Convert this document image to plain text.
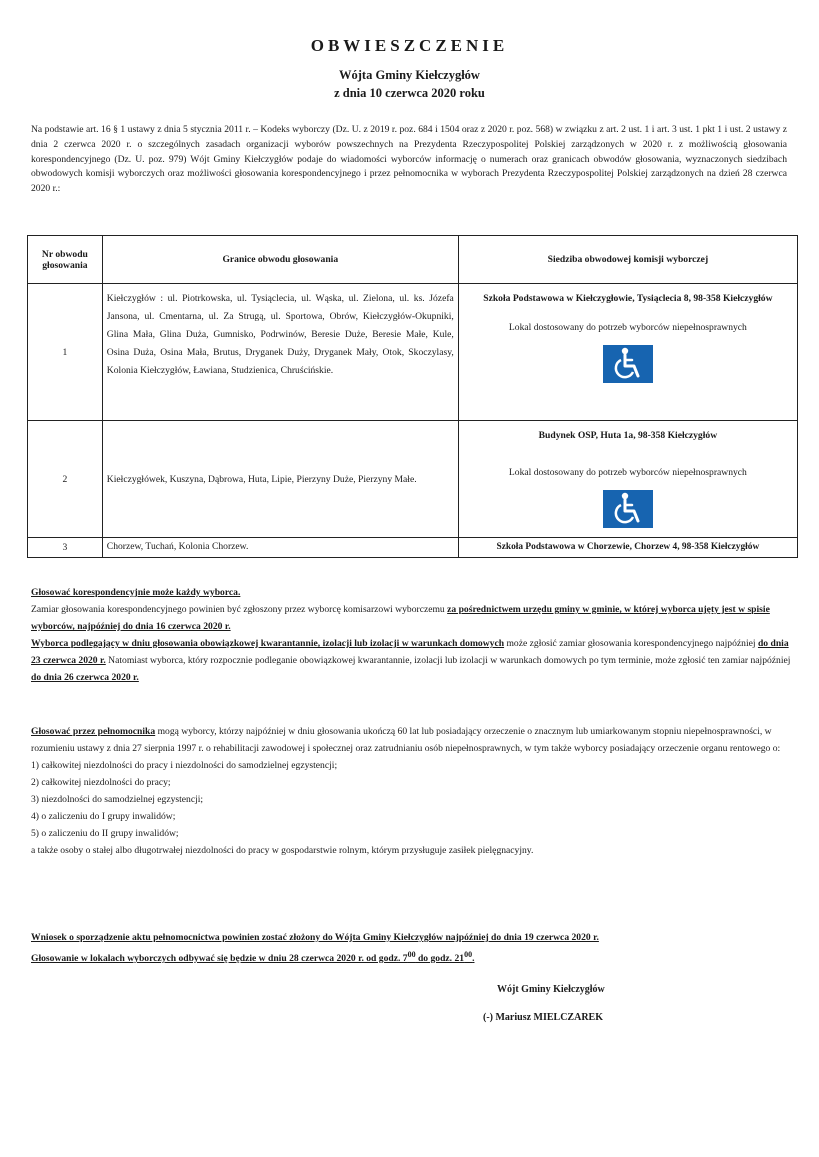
OBWIESZCZENIE
Wójta Gminy Kiełczygłów
z dnia 10 czerwca 2020 roku
Na podstawie art. 16 § 1 ustawy z dnia 5 stycznia 2011 r. – Kodeks wyborczy (Dz. U. z 2019 r. poz. 684 i 1504 oraz z 2020 r. poz. 568) w związku z art. 2 ust. 1 i art. 3 ust. 1 pkt 1 i ust. 2 ustawy z dnia 2 czerwca 2020 r. o szczególnych zasadach organizacji wyborów powszechnych na Prezydenta Rzeczypospolitej Polskiej zarządzonych w 2020 r. z możliwością głosowania korespondencyjnego (Dz. U. poz. 979) Wójt Gminy Kiełczygłów podaje do wiadomości wyborców informację o numerach oraz granicach obwodów głosowania, wyznaczonych siedzibach obwodowych komisji wyborczych oraz możliwości głosowania korespondencyjnego i przez pełnomocnika w wyborach Prezydenta Rzeczypospolitej Polskiej zarządzonych na dzień 28 czerwca 2020 r.:
Nr obwodu głosowania	Granice obwodu głosowania	Siedziba obwodowej komisji wyborczej
1	Kiełczygłów : ul. Piotrkowska, ul. Tysiąclecia, ul. Wąska, ul. Zielona, ul. ks. Józefa Jansona, ul. Cmentarna, ul. Za Strugą, ul. Sportowa, Obrów, Kiełczygłów-Okupniki, Glina Mała, Glina Duża, Gumnisko, Podrwinów, Beresie Duże, Beresie Małe, Kule, Osina Duża, Osina Mała, Brutus, Dryganek Duży, Dryganek Mały, Otok, Skoczylasy, Kolonia Kiełczygłów, Ławiana, Studzienica, Chruścińskie.	Szkoła Podstawowa w Kiełczygłowie, Tysiąclecia 8, 98-358 Kiełczygłów
Lokal dostosowany do potrzeb wyborców niepełnosprawnych

2	Kiełczygłówek, Kuszyna, Dąbrowa, Huta, Lipie, Pierzyny Duże, Pierzyny Małe.	Budynek OSP, Huta 1a, 98-358 Kiełczygłów
Lokal dostosowany do potrzeb wyborców niepełnosprawnych

3	Chorzew, Tuchań, Kolonia Chorzew.	Szkoła Podstawowa w Chorzewie, Chorzew 4, 98-358 Kiełczygłów
Głosować korespondencyjnie może każdy wyborca.
Zamiar głosowania korespondencyjnego powinien być zgłoszony przez wyborcę komisarzowi wyborczemu za pośrednictwem urzędu gminy w gminie, w której wyborca ujęty jest w spisie wyborców, najpóźniej do dnia 16 czerwca 2020 r.
Wyborca podlegający w dniu głosowania obowiązkowej kwarantannie, izolacji lub izolacji w warunkach domowych może zgłosić zamiar głosowania korespondencyjnego najpóźniej do dnia 23 czerwca 2020 r. Natomiast wyborca, który rozpocznie podleganie obowiązkowej kwarantannie, izolacji lub izolacji w warunkach domowych po tym terminie, może zgłosić ten zamiar najpóźniej do dnia 26 czerwca 2020 r.
Głosować przez pełnomocnika mogą wyborcy, którzy najpóźniej w dniu głosowania ukończą 60 lat lub posiadający orzeczenie o znacznym lub umiarkowanym stopniu niepełnosprawności, w rozumieniu ustawy z dnia 27 sierpnia 1997 r. o rehabilitacji zawodowej i społecznej oraz zatrudnianiu osób niepełnosprawnych, w tym także wyborcy posiadający orzeczenie organu rentowego o:
1) całkowitej niezdolności do pracy i niezdolności do samodzielnej egzystencji;
2) całkowitej niezdolności do pracy;
3) niezdolności do samodzielnej egzystencji;
4) o zaliczeniu do I grupy inwalidów;
5) o zaliczeniu do II grupy inwalidów;
a także osoby o stałej albo długotrwałej niezdolności do pracy w gospodarstwie rolnym, którym przysługuje zasiłek pielęgnacyjny.
Wniosek o sporządzenie aktu pełnomocnictwa powinien zostać złożony do Wójta Gminy Kiełczygłów najpóźniej do dnia 19 czerwca 2020 r.
Głosowanie w lokalach wyborczych odbywać się będzie w dniu 28 czerwca 2020 r. od godz. $7^{00}$ do godz. $21^{00}$.
Wójt Gminy Kiełczygłów
(-) Mariusz MIELCZAREK
